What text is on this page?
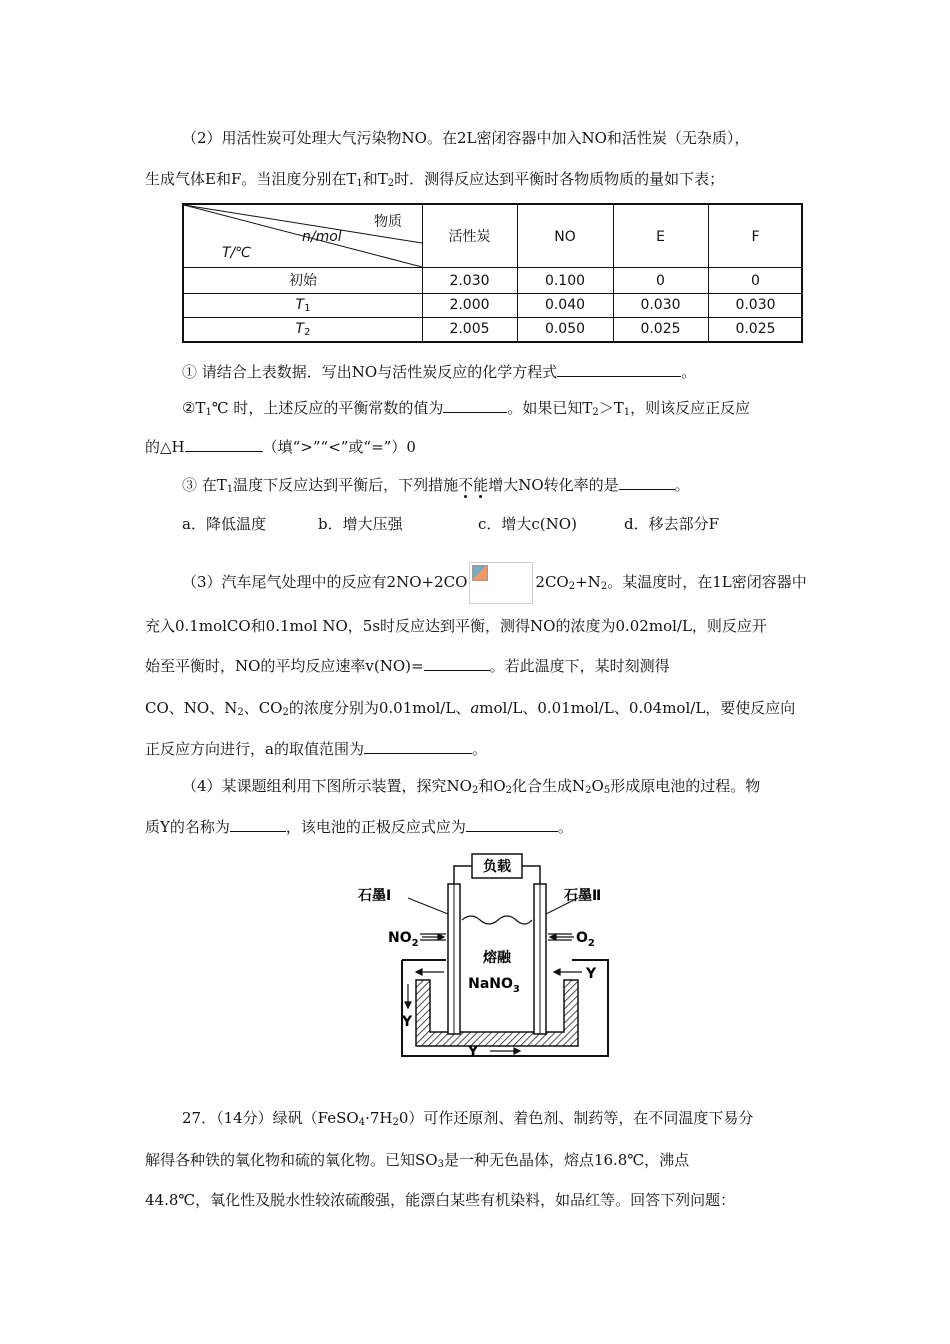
（2）用活性炭可处理大气污染物NO。在2L密闭容器中加入NO和活性炭（无杂质），
生成气体E和F。当沮度分别在$T_1$和$T_2$时．测得反应达到平衡时各物质物质的量如下表；
物质
n/mol
T/℃
活性炭	NO	E	F
初始	2.030	0.100	0	0
$T_1$	2.000	0.040	0.030	0.030
$T_2$	2.005	0.050	0.025	0.025
① 请结合上表数据．写出NO与活性炭反应的化学方程式	。
$②T_1℃$ 时，上述反应的平衡常数的值为	。如果已知$T_2>T_1$，则该反应正反应
的△H	（填“>”“<”或“=”）0
③ 在$T_1$温度下反应达到平衡后，下列措施不能增大NO转化率的是	。
a．降低温度	b．增大压强	c．增大c(NO)	d．移去部分F
（3）汽车尾气处理中的反应有2NO+2CO	$2CO_2+N_2$。某温度时，在1L密闭容器中
充入0.1molCO和0.1mol NO，5s时反应达到平衡，测得NO的浓度为0.02mol/L，则反应开
始至平衡时，NO的平均反应速率v(NO)=	。若此温度下，某时刻测得
CO、NO、$N_2$、$CO_2$的浓度分别为0.01mol/L、amol/L、0.01mol/L、0.04mol/L，要使反应向
正反应方向进行，a的取值范围为	。
（4）某课题组利用下图所示装置，探究$NO_2$和$O_2$化合生成$N_2O_5$形成原电池的过程。物
质Y的名称为	，该电池的正极反应式应为	。
负载
石墨Ⅰ	石墨Ⅱ
$NO_2$	$O_2$
熔融
NaNO$_3$
Y
Y
Y
27．（14分）绿矾$(FeSO_4\cdot 7H_20)$可作还原剂、着色剂、制药等，在不同温度下易分
解得各种铁的氧化物和硫的氧化物。已知$SO_3$是一种无色晶体，熔点16.8℃，沸点
44.8℃，氧化性及脱水性较浓硫酸强，能漂白某些有机染料，如品红等。回答下列问题：
